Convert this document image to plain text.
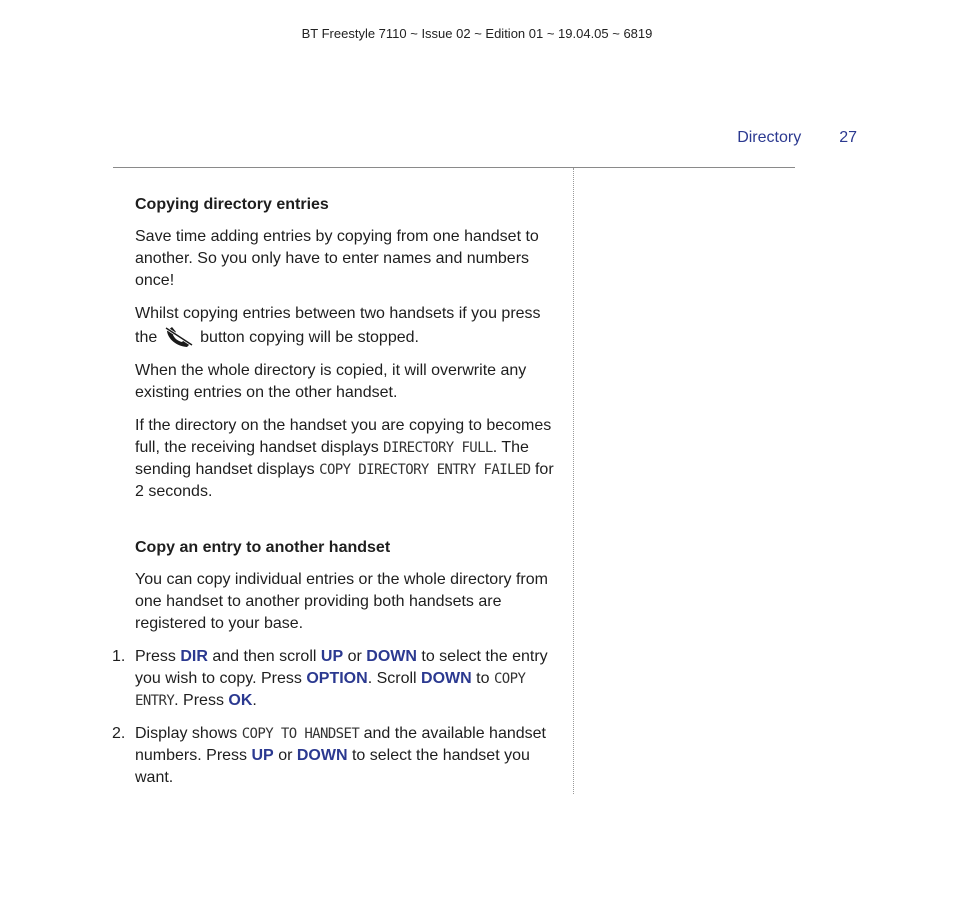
BT Freestyle 7110 ~ Issue 02 ~ Edition 01 ~ 19.04.05 ~ 6819
Directory 27
Copying directory entries

Save time adding entries by copying from one handset to another. So you only have to enter names and numbers once!

Whilst copying entries between two handsets if you press the	button copying will be stopped.

When the whole directory is copied, it will overwrite any existing entries on the other handset.

If the directory on the handset you are copying to becomes full, the receiving handset displays DIRECTORY FULL. The sending handset displays COPY DIRECTORY ENTRY FAILED for 2 seconds.

Copy an entry to another handset

You can copy individual entries or the whole directory from one handset to another providing both handsets are registered to your base.

1. Press DIR and then scroll UP or DOWN to select the entry you wish to copy. Press OPTION. Scroll DOWN to COPY ENTRY. Press OK.
2. Display shows COPY TO HANDSET and the available handset numbers. Press UP or DOWN to select the handset you want.
